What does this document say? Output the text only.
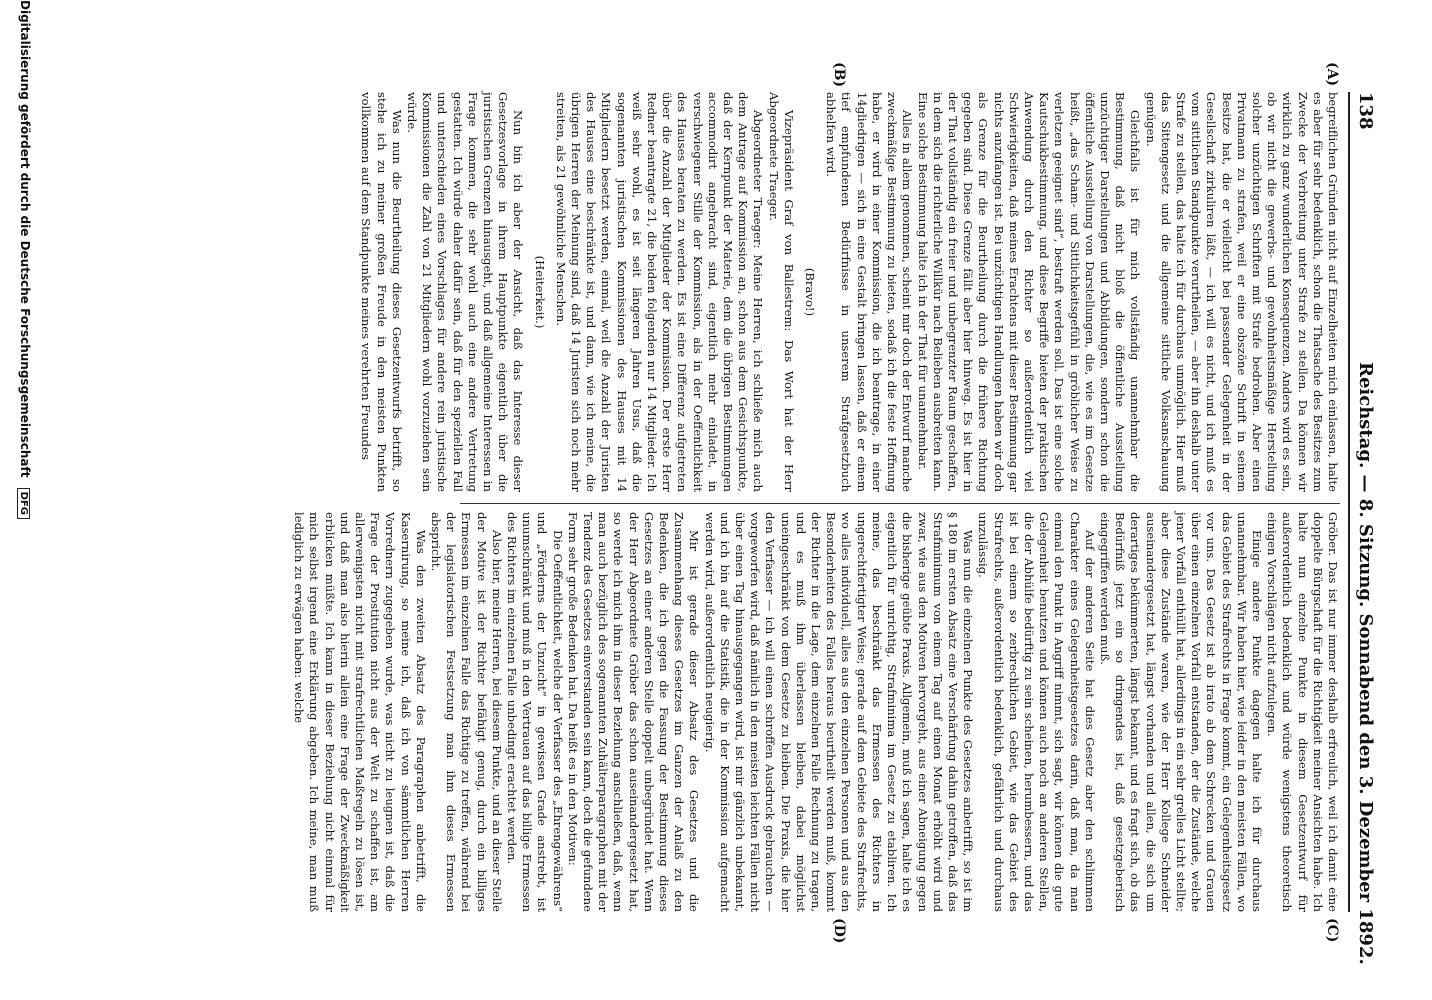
138
Reichstag. — 8. Sitzung. Sonnabend den 3. Dezember 1892.
(A)
(B)
(C)
(D)

begreiflichen Gründen nicht auf Einzelheiten mich einlassen, halte es aber für sehr bedenklich, schon die Thatsache des Besitzes zum Zwecke der Verbreitung unter Strafe zu stellen. Da können wir wirklich zu ganz wunderlichen Konsequenzen. Anders wird es sein, ob wir nicht die gewerbs- und gewohnheitsmäßige Herstellung solcher unzüchtigen Schriften mit Strafe bedrohen. Aber einen Privatmann zu strafen, weil er eine obszöne Schrift in seinem Besitze hat, die er vielleicht bei passender Gelegenheit in der Gesellschaft zirkuliren läßt, — ich will es nicht, und ich muß es vom sittlichen Standpunkte verurtheilen, — aber ihn deshalb unter Strafe zu stellen, das halte ich für durchaus unmöglich. Hier muß das Sittengesetz und die allgemeine sittliche Volksanschauung genügen.

Gleichfalls ist für mich vollständig unannehmbar die Bestimmung, daß nicht bloß die öffentliche Ausstellung unzüchtiger Darstellungen und Abbildungen, sondern schon die öffentliche Ausstellung von Darstellungen, die, wie es im Gesetze heißt, „das Scham- und Sittlichkeitsgefühl in gröblicher Weise zu verletzen geeignet sind“, bestraft werden soll. Das ist eine solche Kautschukbestimmung, und diese Begriffe bieten der praktischen Anwendung durch den Richter so außerordentlich viel Schwierigkeiten, daß meines Erachtens mit dieser Bestimmung gar nichts anzufangen ist. Bei unzüchtigen Handlungen haben wir doch als Grenze für die Beurtheilung durch die frühere Richtung gegeben sind. Diese Grenze fällt aber hier hinweg. Es ist hier in der That vollständig ein freier und unbegrenzter Raum geschaffen, in dem sich die richterliche Willkür nach Belieben ausbreiten kann. Eine solche Bestimmung halte ich in der That für unannehmbar.

Alles in allem genommen, scheint mir doch der Entwurf manche zweckmäßige Bestimmung zu bieten, sodaß ich die feste Hoffnung habe, er wird in einer Kommission, die ich beantrage, in einer 14gliedrigen — sich in eine Gestalt bringen lassen, daß er einem tief empfundenen Bedürfnisse in unserem Strafgesetzbuch abhelfen wird.

(Bravo!)

Vizepräsident Graf von Ballestrem: Das Wort hat der Herr Abgeordnete Traeger.

Abgeordneter Traeger: Meine Herren, ich schließe mich auch dem Antrage auf Kommission an, schon aus dem Gesichtspunkte, daß der Kernpunkt der Materie, dem die übrigen Bestimmungen accommodirt angebracht sind, eigentlich mehr einladet, in verschwiegener Stille der Kommission, als in der Oeffentlichkeit des Hauses beraten zu werden. Es ist eine Differenz aufgetreten über die Anzahl der Mitglieder der Kommission. Der erste Herr Redner beantragte 21, die beiden folgenden nur 14 Mitglieder. Ich weiß sehr wohl, es ist seit längeren Jahren Usus, daß die sogenannten juristischen Kommissionen des Hauses mit 14 Mitgliedern besetzt werden, einmal, weil die Anzahl der Juristen des Hauses eine beschränkte ist, und dann, wie ich meine, die übrigen Herren der Meinung sind, daß 14 Juristen sich noch mehr streiten, als 21 gewöhnliche Menschen.

(Heiterkeit.)

Nun bin ich aber der Ansicht, daß das Interesse dieser Gesetzesvorlage in ihrem Hauptpunkte eigentlich über die juristischen Grenzen hinausgeht, und daß allgemeine Interessen in Frage kommen, die sehr wohl auch eine andere Vertretung gestatten. Ich würde daher dafür sein, daß für den speziellen Fall und unterschieden eines Vorschlages für andere rein juristische Kommissionen die Zahl von 21 Mitgliedern wohl vorzuziehen sein würde.

Was nun die Beurtheilung dieses Gesetzentwurfs betrifft, so stehe ich zu meiner großen Freude in den meisten Punkten vollkommen auf dem Standpunkte meines verehrten Freundes

Gröber. Das ist nur immer deshalb erfreulich, weil ich damit eine doppelte Bürgschaft für die Richtigkeit meiner Ansichten habe. Ich halte nun einzelne Punkte in diesem Gesetzentwurf für außerordentlich bedenklich und würde wenigstens theoretisch einigen Vorschlägen nicht aufzulegen.

Einige andere Punkte dagegen halte ich für durchaus unannehmbar. Wir haben hier, wie leider in den meisten Fällen, wo das Gebiet des Strafrechts in Frage kommt, ein Gelegenheitsgesetz vor uns. Das Gesetz ist ab irato ab dem Schrecken und Grauen über einen einzelnen Vorfall entstanden, der die Zustände, welche jener Vorfall enthüllt hat, allerdings in ein sehr grelles Licht stellte; aber diese Zustände waren, wie der Herr Kollege Schneider auseinandergesetzt hat, längst vorhanden und allen, die sich um derartiges bekümmerten, längst bekannt, und es fragt sich, ob das Bedürfniß jetzt ein so dringendes ist, daß gesetzgeberisch eingegriffen werden muß.

Auf der anderen Seite hat dies Gesetz aber den schlimmen Charakter eines Gelegenheitsgesetzes darin, daß man, da man einmal den Punkt in Angriff nimmt, sich sagt, wir können die gute Gelegenheit benutzen und können auch noch an anderen Stellen, die der Abhülfe bedürftig zu sein scheinen, herumbessern, und das ist bei einem so zerbrechlichen Gebiet, wie das Gebiet des Strafrechts, außerordentlich bedenklich, gefährlich und durchaus unzulässig.

Was nun die einzelnen Punkte des Gesetzes anbetrifft, so ist im § 180 im ersten Absatz eine Verschärfung dahin getroffen, daß das Strafminimum von einem Tag auf einen Monat erhöht wird und zwar, wie aus den Motiven hervorgeht, aus einer Abneigung gegen die bisherige geübte Praxis. Allgemein, muß ich sagen, halte ich es eigentlich für unrichtig, Strafminima im Gesetz zu etabliren. Ich meine, das beschränkt das Ermessen des Richters in ungerechtfertigter Weise; gerade auf dem Gebiete des Strafrechts, wo alles individuell, alles aus den einzelnen Personen und aus den Besonderheiten des Falles heraus beurtheilt werden muß, kommt der Richter in die Lage, dem einzelnen Falle Rechnung zu tragen, und es muß ihm überlassen bleiben, dabei möglichst uneingeschränkt von dem Gesetze zu bleiben. Die Praxis, die hier den Verfasser — ich will einen schroffen Ausdruck gebrauchen — vorgeworfen wird, daß nämlich in den meisten leichten Fällen nicht über einen Tag hinausgegangen wird, ist mir gänzlich unbekannt, und ich bin auf die Statistik, die in der Kommission aufgemacht werden wird, außerordentlich neugierig.

Mir ist gerade dieser Absatz des Gesetzes und die Zusammenhang dieses Gesetzes im Ganzen der Anlaß zu den Bedenken, die ich gegen die Fassung der Bestimmung dieses Gesetzes an einer anderen Stelle doppelt unbegründet hat. Wenn der Herr Abgeordnete Gröber das schon auseinandergesetzt hat, so werde ich mich ihm in dieser Beziehung anschließen, daß, wenn man auch bezüglich des sogenannten Zuhälterparagraphen mit der Tendenz des Gesetzes einverstanden sein kann, doch die gefundene Form sehr große Bedenken hat. Da heißt es in den Motiven:

Die Oeffentlichkeit, welche der Verfasser des „Ehrengewährens“ und „Förderns der Unzucht“ in gewissen Grade anstrebt, ist unumschränkt und muß in den Vertrauen auf das billige Ermessen des Richters im einzelnen Falle unbedingt erachtet werden.

Also hier, meine Herren, bei diesem Punkte, und an dieser Stelle der Motive ist der Richter befähigt genug, durch ein billiges Ermessen im einzelnen Falle das Richtige zu treffen, während bei der legislatorischen Festsetzung man ihm dieses Ermessen abspricht.

Was den zweiten Absatz des Paragraphen anbetrifft, die Kasernirung, so meine ich, daß ich von sämmtlichen Herren Vorrednern zugegeben wurde, was nicht zu leugnen ist, daß die Frage der Prostitution nicht aus der Welt zu schaffen ist, am allerwenigsten nicht mit strafrechtlichen Maßregeln zu lösen ist, und daß man also hierin allein eine Frage der Zweckmäßigkeit erblicken müßte. Ich kann in dieser Beziehung nicht einmal für mich selbst irgend eine Erklärung abgeben. Ich meine, man muß lediglich zu erwägen haben: welche

Digitalisierung gefördert durch die Deutsche Forschungsgemeinschaft DFG
